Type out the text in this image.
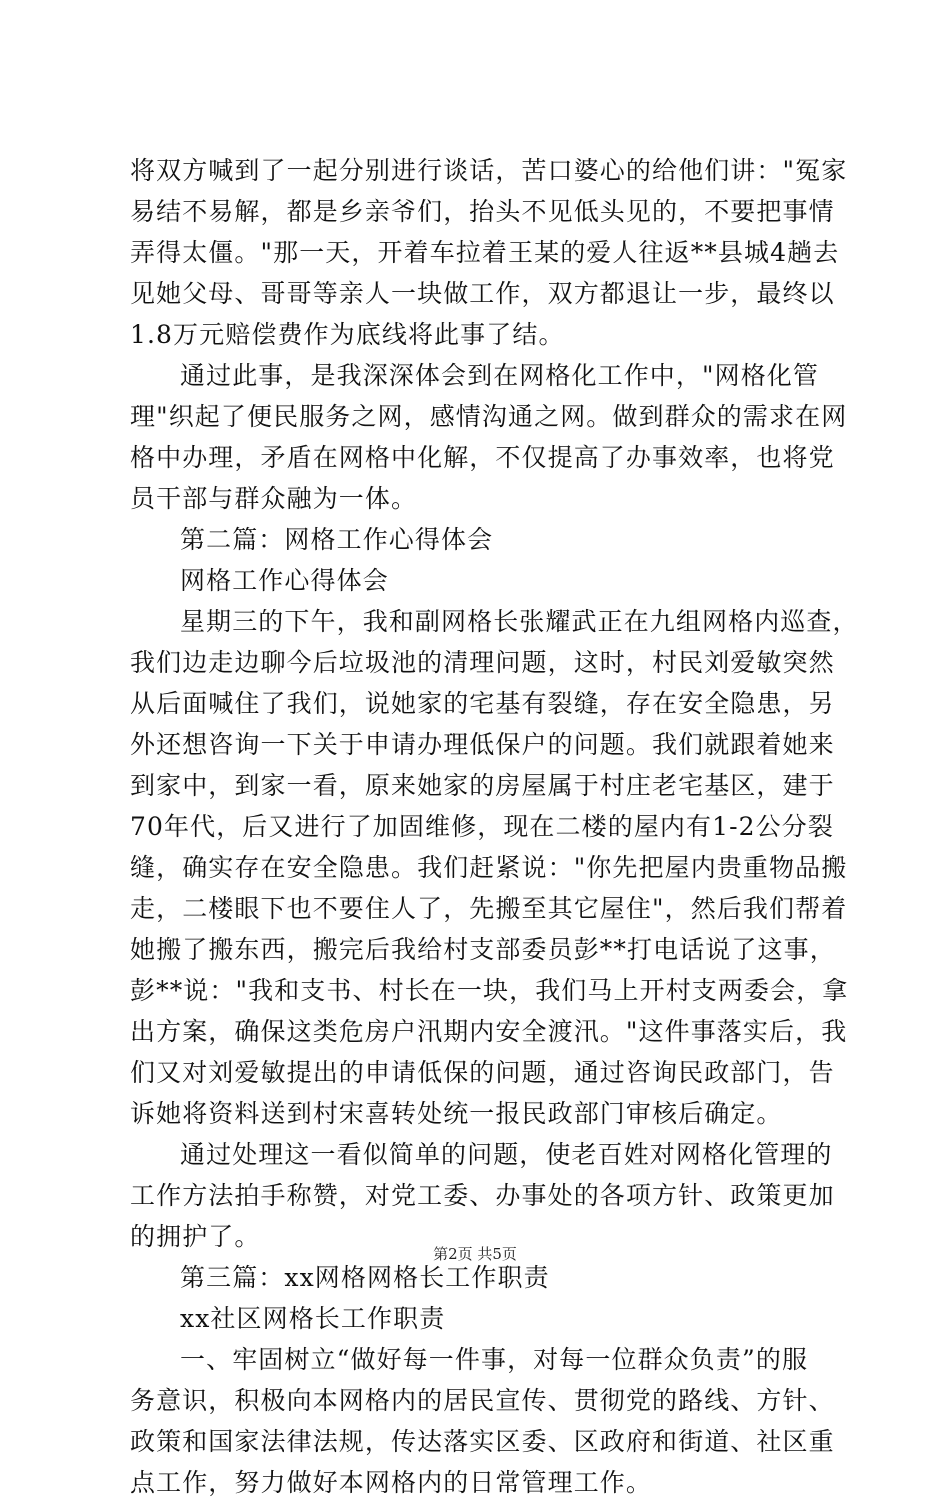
将双方喊到了一起分别进行谈话，苦口婆心的给他们讲："冤家
易结不易解，都是乡亲爷们，抬头不见低头见的，不要把事情
弄得太僵。"那一天，开着车拉着王某的爱人往返**县城4趟去
见她父母、哥哥等亲人一块做工作，双方都退让一步，最终以
1.8万元赔偿费作为底线将此事了结。
通过此事，是我深深体会到在网格化工作中，"网格化管
理"织起了便民服务之网，感情沟通之网。做到群众的需求在网
格中办理，矛盾在网格中化解，不仅提高了办事效率，也将党
员干部与群众融为一体。
第二篇：网格工作心得体会
网格工作心得体会
星期三的下午，我和副网格长张耀武正在九组网格内巡查，
我们边走边聊今后垃圾池的清理问题，这时，村民刘爱敏突然
从后面喊住了我们，说她家的宅基有裂缝，存在安全隐患，另
外还想咨询一下关于申请办理低保户的问题。我们就跟着她来
到家中，到家一看，原来她家的房屋属于村庄老宅基区，建于
70年代，后又进行了加固维修，现在二楼的屋内有1-2公分裂
缝，确实存在安全隐患。我们赶紧说："你先把屋内贵重物品搬
走，二楼眼下也不要住人了，先搬至其它屋住"，然后我们帮着
她搬了搬东西，搬完后我给村支部委员彭**打电话说了这事，
彭**说："我和支书、村长在一块，我们马上开村支两委会，拿
出方案，确保这类危房户汛期内安全渡汛。"这件事落实后，我
们又对刘爱敏提出的申请低保的问题，通过咨询民政部门，告
诉她将资料送到村宋喜转处统一报民政部门审核后确定。
通过处理这一看似简单的问题，使老百姓对网格化管理的
工作方法拍手称赞，对党工委、办事处的各项方针、政策更加
的拥护了。
第三篇：xx网格网格长工作职责
xx社区网格长工作职责
一、牢固树立“做好每一件事，对每一位群众负责”的服
务意识，积极向本网格内的居民宣传、贯彻党的路线、方针、
政策和国家法律法规，传达落实区委、区政府和街道、社区重
点工作，努力做好本网格内的日常管理工作。
第2页 共5页
